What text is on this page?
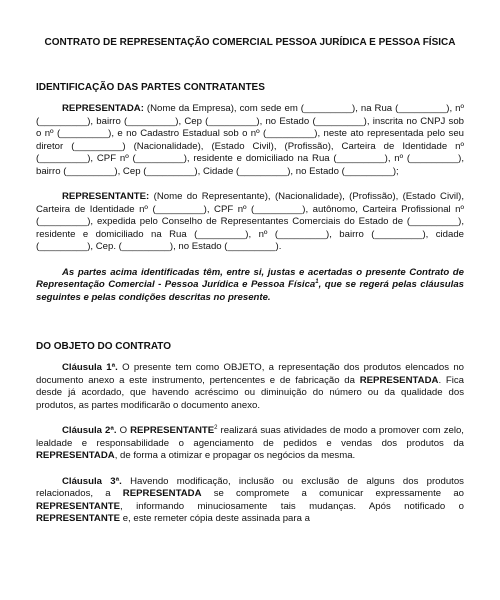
CONTRATO DE REPRESENTAÇÃO COMERCIAL PESSOA JURÍDICA E PESSOA FÍSICA
IDENTIFICAÇÃO DAS PARTES CONTRATANTES

REPRESENTADA: (Nome da Empresa), com sede em (_________), na Rua (_________), nº (_________), bairro (_________), Cep (_________), no Estado (_________), inscrita no CNPJ sob o nº (_________), e no Cadastro Estadual sob o nº (_________), neste ato representada pelo seu diretor (_________) (Nacionalidade), (Estado Civil), (Profissão), Carteira de Identidade nº (_________), CPF nº (_________), residente e domiciliado na Rua (_________), nº (_________), bairro (_________), Cep (_________), Cidade (_________), no Estado (_________);

REPRESENTANTE: (Nome do Representante), (Nacionalidade), (Profissão), (Estado Civil), Carteira de Identidade nº (_________), CPF nº (_________), autônomo, Carteira Profissional nº (_________), expedida pelo Conselho de Representantes Comerciais do Estado de (_________), residente e domiciliado na Rua (_________), nº (_________), bairro (_________), cidade (_________), Cep. (_________), no Estado (_________).

As partes acima identificadas têm, entre si, justas e acertadas o presente Contrato de Representação Comercial - Pessoa Jurídica e Pessoa Física$^1$, que se regerá pelas cláusulas seguintes e pelas condições descritas no presente.

DO OBJETO DO CONTRATO

Cláusula 1ª. O presente tem como OBJETO, a representação dos produtos elencados no documento anexo a este instrumento, pertencentes e de fabricação da REPRESENTADA. Fica desde já acordado, que havendo acréscimo ou diminuição do número ou da qualidade dos produtos, as partes modificarão o documento anexo.

Cláusula 2ª. O REPRESENTANTE$^2$ realizará suas atividades de modo a promover com zelo, lealdade e responsabilidade o agenciamento de pedidos e vendas dos produtos da REPRESENTADA, de forma a otimizar e propagar os negócios da mesma.

Cláusula 3ª. Havendo modificação, inclusão ou exclusão de alguns dos produtos relacionados, a REPRESENTADA se compromete a comunicar expressamente ao REPRESENTANTE, informando minuciosamente tais mudanças. Após notificado o REPRESENTANTE e, este remeter cópia deste assinada para a
